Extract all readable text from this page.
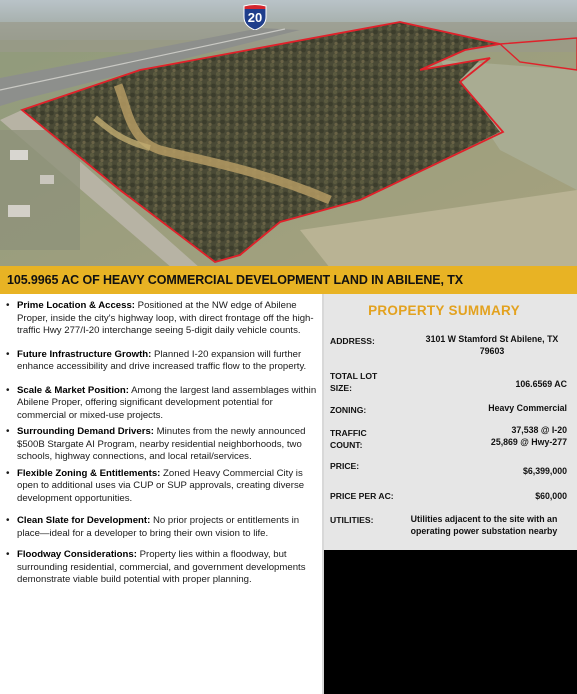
20
105.9965 AC OF HEAVY COMMERCIAL DEVELOPMENT LAND IN ABILENE, TX
• Prime Location & Access: Positioned at the NW edge of Abilene Proper, inside the city's highway loop, with direct frontage off the high-traffic Hwy 277/I-20 interchange seeing 5-digit daily vehicle counts.
• Future Infrastructure Growth: Planned I-20 expansion will further enhance accessibility and drive increased traffic flow to the property.
• Scale & Market Position: Among the largest land assemblages within Abilene Proper, offering significant development potential for commercial or mixed-use projects.
• Surrounding Demand Drivers: Minutes from the newly announced $500B Stargate AI Program, nearby residential neighborhoods, two schools, highway connections, and local retail/services.
• Flexible Zoning & Entitlements: Zoned Heavy Commercial City is open to additional uses via CUP or SUP approvals, creating diverse development opportunities.
• Clean Slate for Development: No prior projects or entitlements in place—ideal for a developer to bring their own vision to life.
• Floodway Considerations: Property lies within a floodway, but surrounding residential, commercial, and government developments demonstrate viable build potential with proper planning.
PROPERTY SUMMARY
ADDRESS:	3101 W Stamford St Abilene, TX
79603
TOTAL LOT
SIZE:	106.6569 AC
ZONING:	Heavy Commercial
TRAFFIC
COUNT:
37,538 @ I-20
25,869 @ Hwy-277
PRICE:	$6,399,000
PRICE PER AC:	$60,000
UTILITIES:	Utilities adjacent to the site with an
operating power substation nearby
